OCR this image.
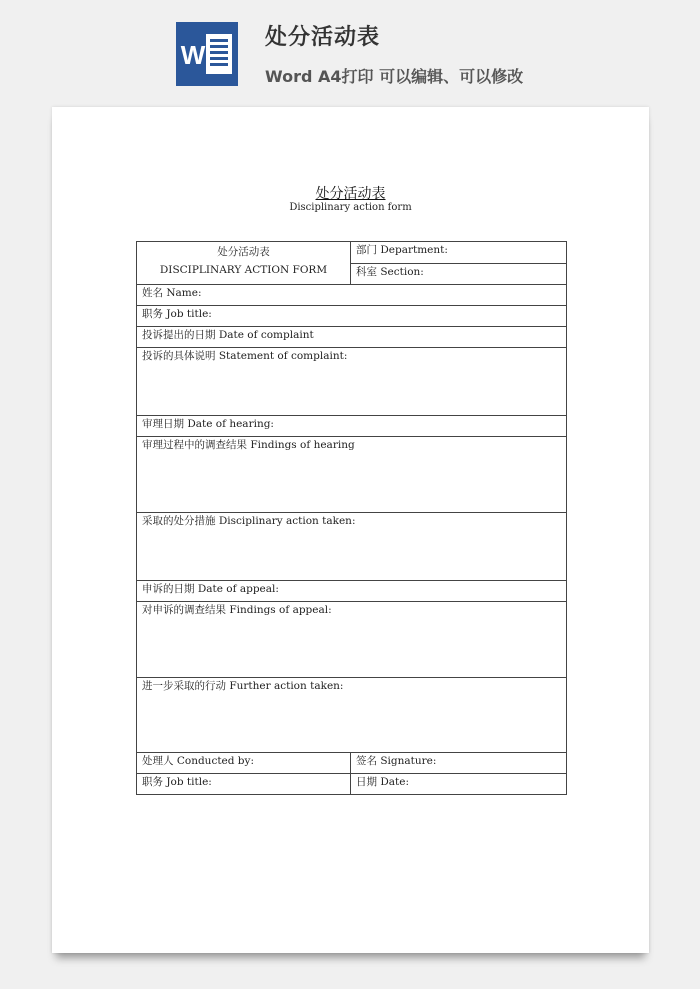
W
处分活动表
Word A4打印 可以编辑、可以修改
处分活动表
Disciplinary action form
处分活动表
DISCIPLINARY ACTION FORM	部门 Department:
	科室 Section:
姓名 Name:	
职务 Job title:	
投诉提出的日期 Date of complaint	
投诉的具体说明 Statement of complaint:	
审理日期 Date of hearing:	
审理过程中的调查结果 Findings of hearing	
采取的处分措施 Disciplinary action taken:	
申诉的日期 Date of appeal:	
对申诉的调查结果 Findings of appeal:	
进一步采取的行动 Further action taken:	
处理人 Conducted by:	签名 Signature:
职务 Job title:	日期 Date:
